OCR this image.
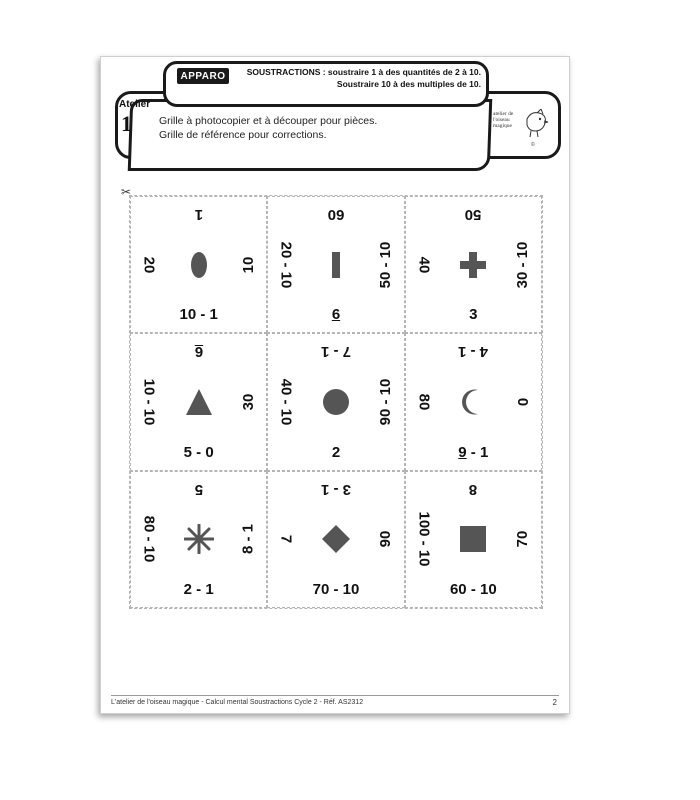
APPARO	SOUSTRACTIONS : soustraire 1 à des quantités de 2 à 10.
Soustraire 10 à des multiples de 10.
Atelier
1	Grille à photocopier et à découper pour pièces.
Grille de référence pour corrections.
atelier de l'oiseau magique
©
✂
1
20	10
10 - 1
60
20 - 10	50 - 10
6
50
40	30 - 10
3
6
10 - 10	30
5 - 0
7 - 1
40 - 10	90 - 10
2
4 - 1
80	0
9 - 1
5
80 - 10	8 - 1
2 - 1
3 - 1
7	90
70 - 10
8
100 - 10	70
60 - 10
L'atelier de l'oiseau magique - Calcul mental Soustractions Cycle 2 - Réf. AS2312	2
